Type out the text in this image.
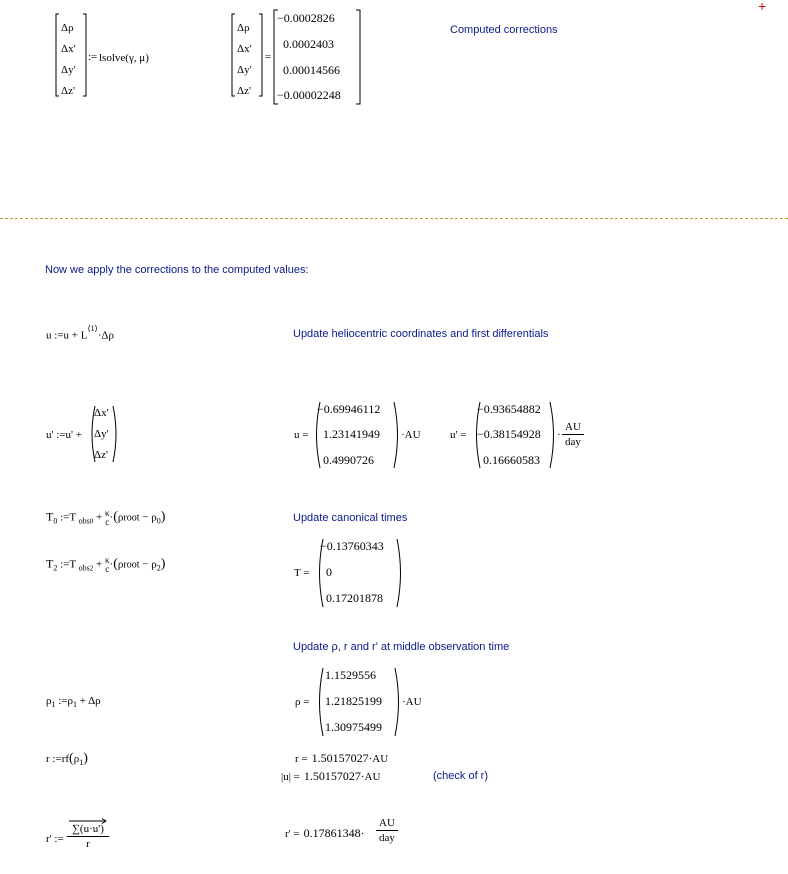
+
Δρ
Δx'
Δy'
Δz'
:= lsolve(γ, μ)
Δρ
Δx'
Δy'
Δz'
=
−0.0002826
0.0002403
0.00014566
−0.00002248
Computed corrections
Now we apply the corrections to the computed values:
u :=u + $L^{⟨1⟩}\cdot\Delta\rho$	Update heliocentric coordinates and first differentials
u' :=u' +
Δx'
Δy'
Δz'
u =
−0.69946112
1.23141949
0.4990726
·AU	u' =
−0.93654882
−0.38154928
0.16660583
·
AU
day
$T_0$ :=T $_{obs0}$ + κ
c ·(ρroot − $\rho_0$)	Update canonical times
$T_2$ :=T $_{obs2}$ + κ
c ·(ρroot − $\rho_2$)
T =
−0.13760343
0
0.17201878
Update ρ, r and r' at middle observation time
$\rho_1$ $:=\rho_1 + \Delta\rho$	ρ =
1.1529556
1.21825199
1.30975499
·AU
r $:=rf(\rho_1)$	r = 1.50157027·AU
|u| = 1.50157027·AU	(check of r)
r' := $\frac{\sum(u\cdot u')}{r}$	r' = 0.17861348·
AU
day
